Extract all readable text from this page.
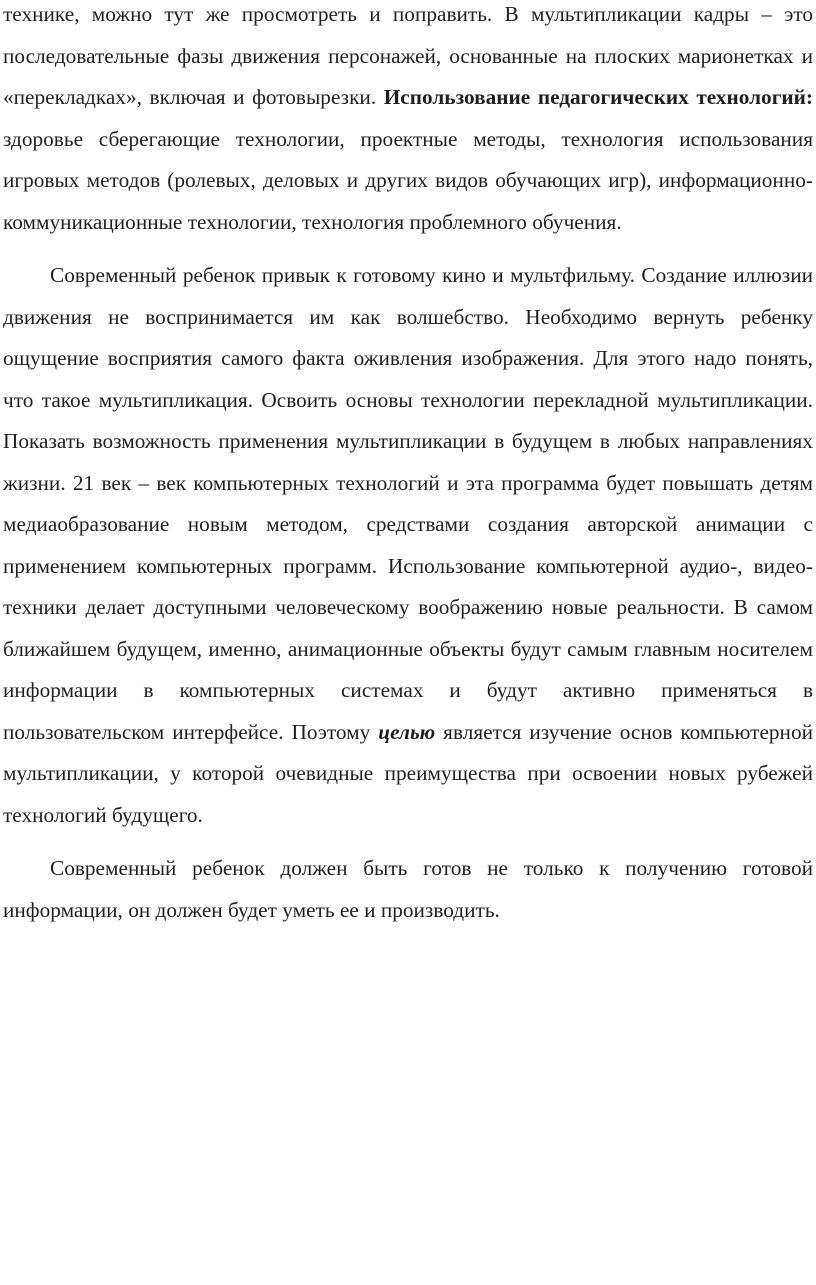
технике, можно тут же просмотреть и поправить. В мультипликации кадры – это последовательные фазы движения персонажей, основанные на плоских марионетках и «перекладках», включая и фотовырезки. Использование педагогических технологий: здоровье сберегающие технологии, проектные методы, технология использования игровых методов (ролевых, деловых и других видов обучающих игр), информационно-коммуникационные технологии, технология проблемного обучения.

Современный ребенок привык к готовому кино и мультфильму. Создание иллюзии движения не воспринимается им как волшебство. Необходимо вернуть ребенку ощущение восприятия самого факта оживления изображения. Для этого надо понять, что такое мультипликация. Освоить основы технологии перекладной мультипликации. Показать возможность применения мультипликации в будущем в любых направлениях жизни. 21 век – век компьютерных технологий и эта программа будет повышать детям медиаобразование новым методом, средствами создания авторской анимации с применением компьютерных программ. Использование компьютерной аудио-, видео-техники делает доступными человеческому воображению новые реальности. В самом ближайшем будущем, именно, анимационные объекты будут самым главным носителем информации в компьютерных системах и будут активно применяться в пользовательском интерфейсе. Поэтому целью является изучение основ компьютерной мультипликации, у которой очевидные преимущества при освоении новых рубежей технологий будущего.

Современный ребенок должен быть готов не только к получению готовой информации, он должен будет уметь ее и производить.
